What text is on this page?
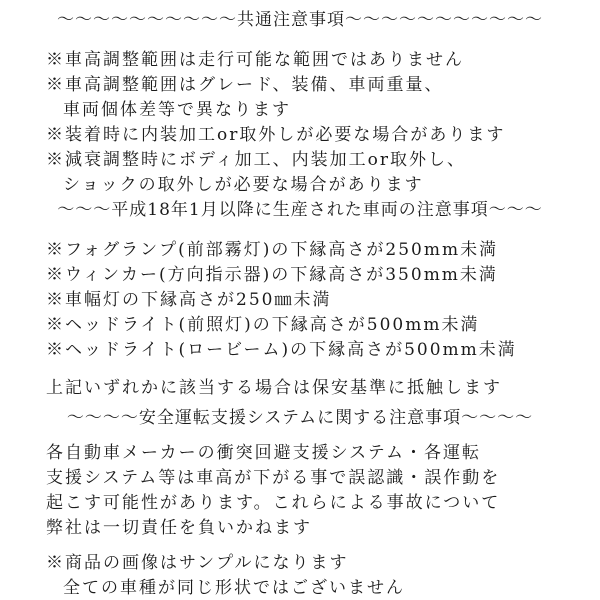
～～～～～～～～～～共通注意事項～～～～～～～～～～～
※車高調整範囲は走行可能な範囲ではありません
※車高調整範囲はグレード、装備、車両重量、
車両個体差等で異なります
※装着時に内装加工or取外しが必要な場合があります
※減衰調整時にボディ加工、内装加工or取外し、
ショックの取外しが必要な場合があります
～～～平成18年1月以降に生産された車両の注意事項～～～
※フォグランプ(前部霧灯)の下縁高さが250mm未満
※ウィンカー(方向指示器)の下縁高さが350mm未満
※車幅灯の下縁高さが250㎜未満
※ヘッドライト(前照灯)の下縁高さが500mm未満
※ヘッドライト(ロービーム)の下縁高さが500mm未満
上記いずれかに該当する場合は保安基準に抵触します
～～～～安全運転支援システムに関する注意事項～～～～
各自動車メーカーの衝突回避支援システム・各運転
支援システム等は車高が下がる事で誤認識・誤作動を
起こす可能性があります。これらによる事故について
弊社は一切責任を負いかねます
※商品の画像はサンプルになります
全ての車種が同じ形状ではございません
